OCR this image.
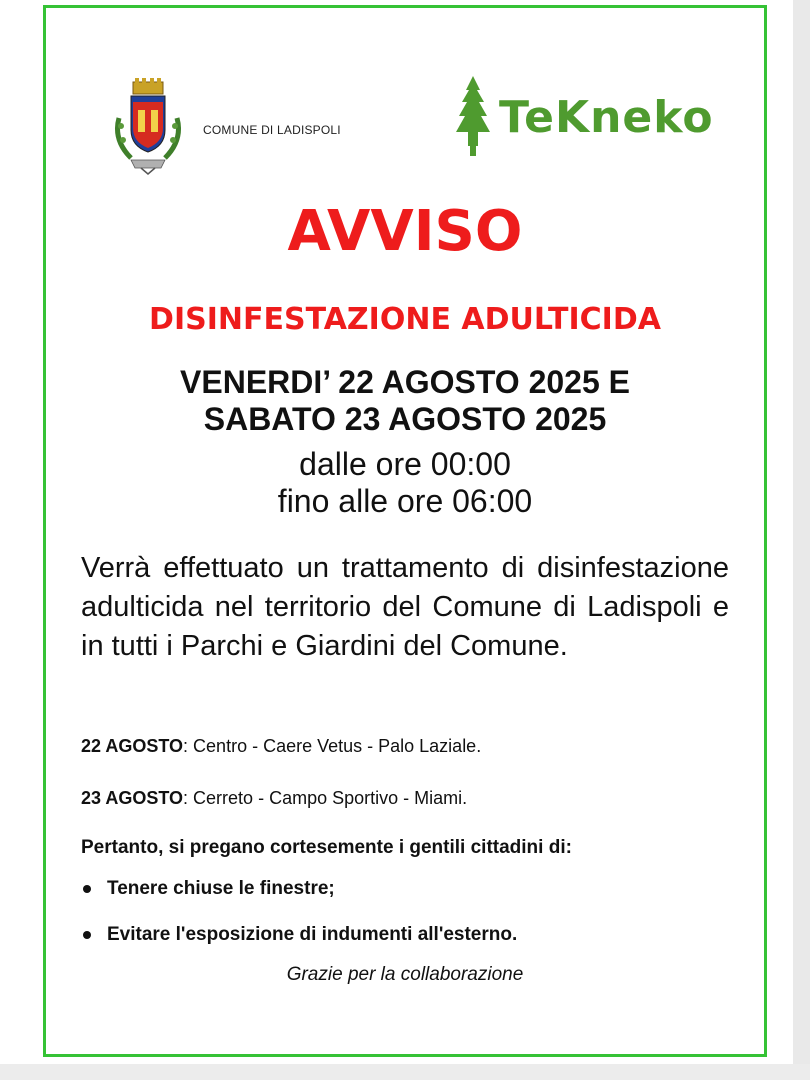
COMUNE DI LADISPOLI	TeKneko
AVVISO
DISINFESTAZIONE ADULTICIDA
VENERDI’ 22 AGOSTO 2025 E
SABATO 23 AGOSTO 2025
dalle ore 00:00
fino alle ore 06:00

Verrà effettuato un trattamento di disinfestazione adulticida nel territorio del Comune di Ladispoli e in tutti i Parchi e Giardini del Comune.

22 AGOSTO: Centro - Caere Vetus - Palo Laziale.
23 AGOSTO: Cerreto - Campo Sportivo - Miami.
Pertanto, si pregano cortesemente i gentili cittadini di:
Tenere chiuse le finestre;
Evitare l'esposizione di indumenti all'esterno.
Grazie per la collaborazione
